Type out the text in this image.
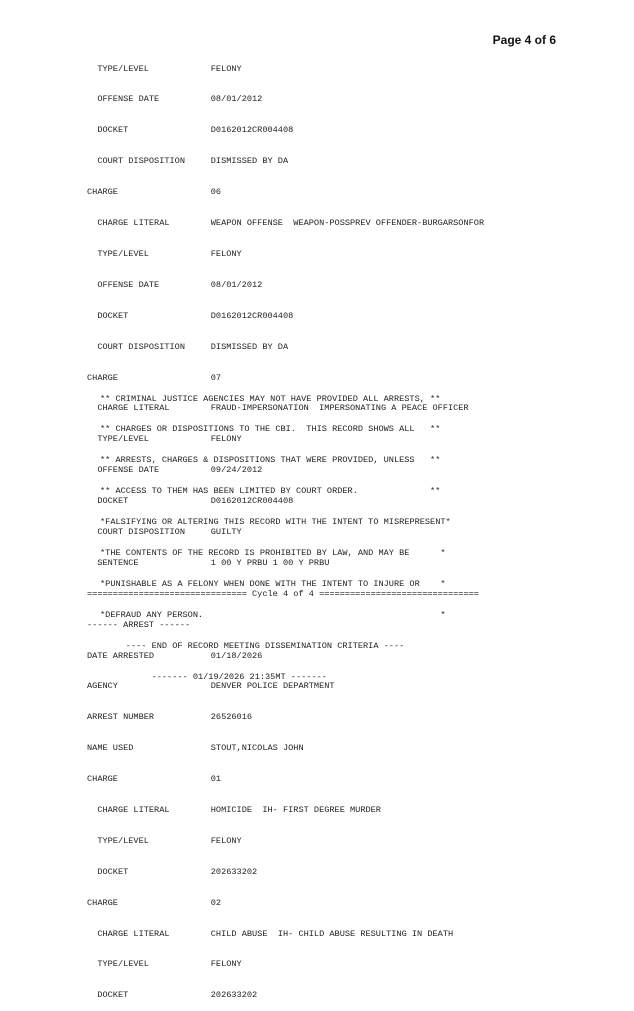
Page 4 of 6

TYPE/LEVEL            FELONY

OFFENSE DATE          08/01/2012

DOCKET                D0162012CR004408

COURT DISPOSITION     DISMISSED BY DA

CHARGE                  06

CHARGE LITERAL        WEAPON OFFENSE  WEAPON-POSSPREV OFFENDER-BURGARSONFOR

TYPE/LEVEL            FELONY

OFFENSE DATE          08/01/2012

DOCKET                D0162012CR004408

COURT DISPOSITION     DISMISSED BY DA

CHARGE                  07

CHARGE LITERAL        FRAUD-IMPERSONATION  IMPERSONATING A PEACE OFFICER

TYPE/LEVEL            FELONY

OFFENSE DATE          09/24/2012

DOCKET                D0162012CR004408

COURT DISPOSITION     GUILTY

SENTENCE              1 00 Y PRBU 1 00 Y PRBU

=============================== Cycle 4 of 4 ===============================

------ ARREST ------

DATE ARRESTED           01/18/2026

AGENCY                  DENVER POLICE DEPARTMENT

ARREST NUMBER           26526016

NAME USED               STOUT,NICOLAS JOHN

CHARGE                  01

CHARGE LITERAL        HOMICIDE  IH- FIRST DEGREE MURDER

TYPE/LEVEL            FELONY

DOCKET                202633202

CHARGE                  02

CHARGE LITERAL        CHILD ABUSE  IH- CHILD ABUSE RESULTING IN DEATH

TYPE/LEVEL            FELONY

DOCKET                202633202

** CRIMINAL JUSTICE AGENCIES MAY NOT HAVE PROVIDED ALL ARRESTS, **

** CHARGES OR DISPOSITIONS TO THE CBI.  THIS RECORD SHOWS ALL   **

** ARRESTS, CHARGES & DISPOSITIONS THAT WERE PROVIDED, UNLESS   **

** ACCESS TO THEM HAS BEEN LIMITED BY COURT ORDER.              **

*FALSIFYING OR ALTERING THIS RECORD WITH THE INTENT TO MISREPRESENT*

*THE CONTENTS OF THE RECORD IS PROHIBITED BY LAW, AND MAY BE      *

*PUNISHABLE AS A FELONY WHEN DONE WITH THE INTENT TO INJURE OR    *

*DEFRAUD ANY PERSON.                                              *

---- END OF RECORD MEETING DISSEMINATION CRITERIA ----

------- 01/19/2026 21:35MT -------
